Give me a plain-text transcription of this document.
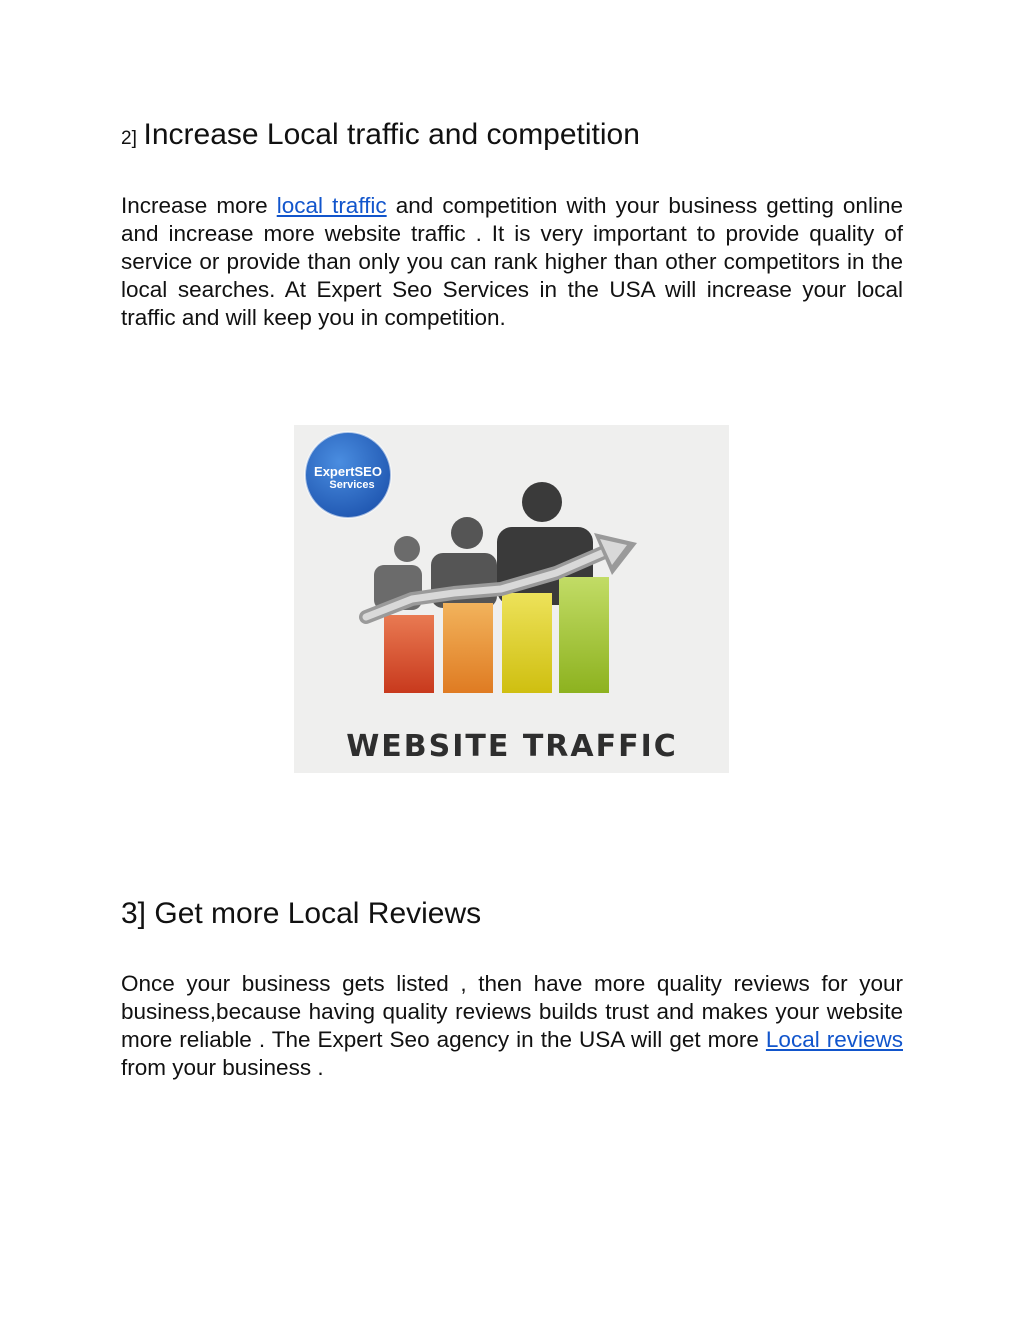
2] Increase Local traffic and competition

Increase more local traffic and competition with your business getting online and increase more website traffic . It is very important to provide quality of service or provide than only you can rank higher than other competitors in the local searches. At Expert Seo Services in the USA will increase your local traffic and will keep you in competition.

ExpertSEO
Services
WEBSITE TRAFFIC
3] Get more Local Reviews

Once your business gets listed , then have more quality reviews for your business,because having quality reviews builds trust and makes your website more reliable . The Expert Seo agency in the USA will get more Local reviews from your business .
